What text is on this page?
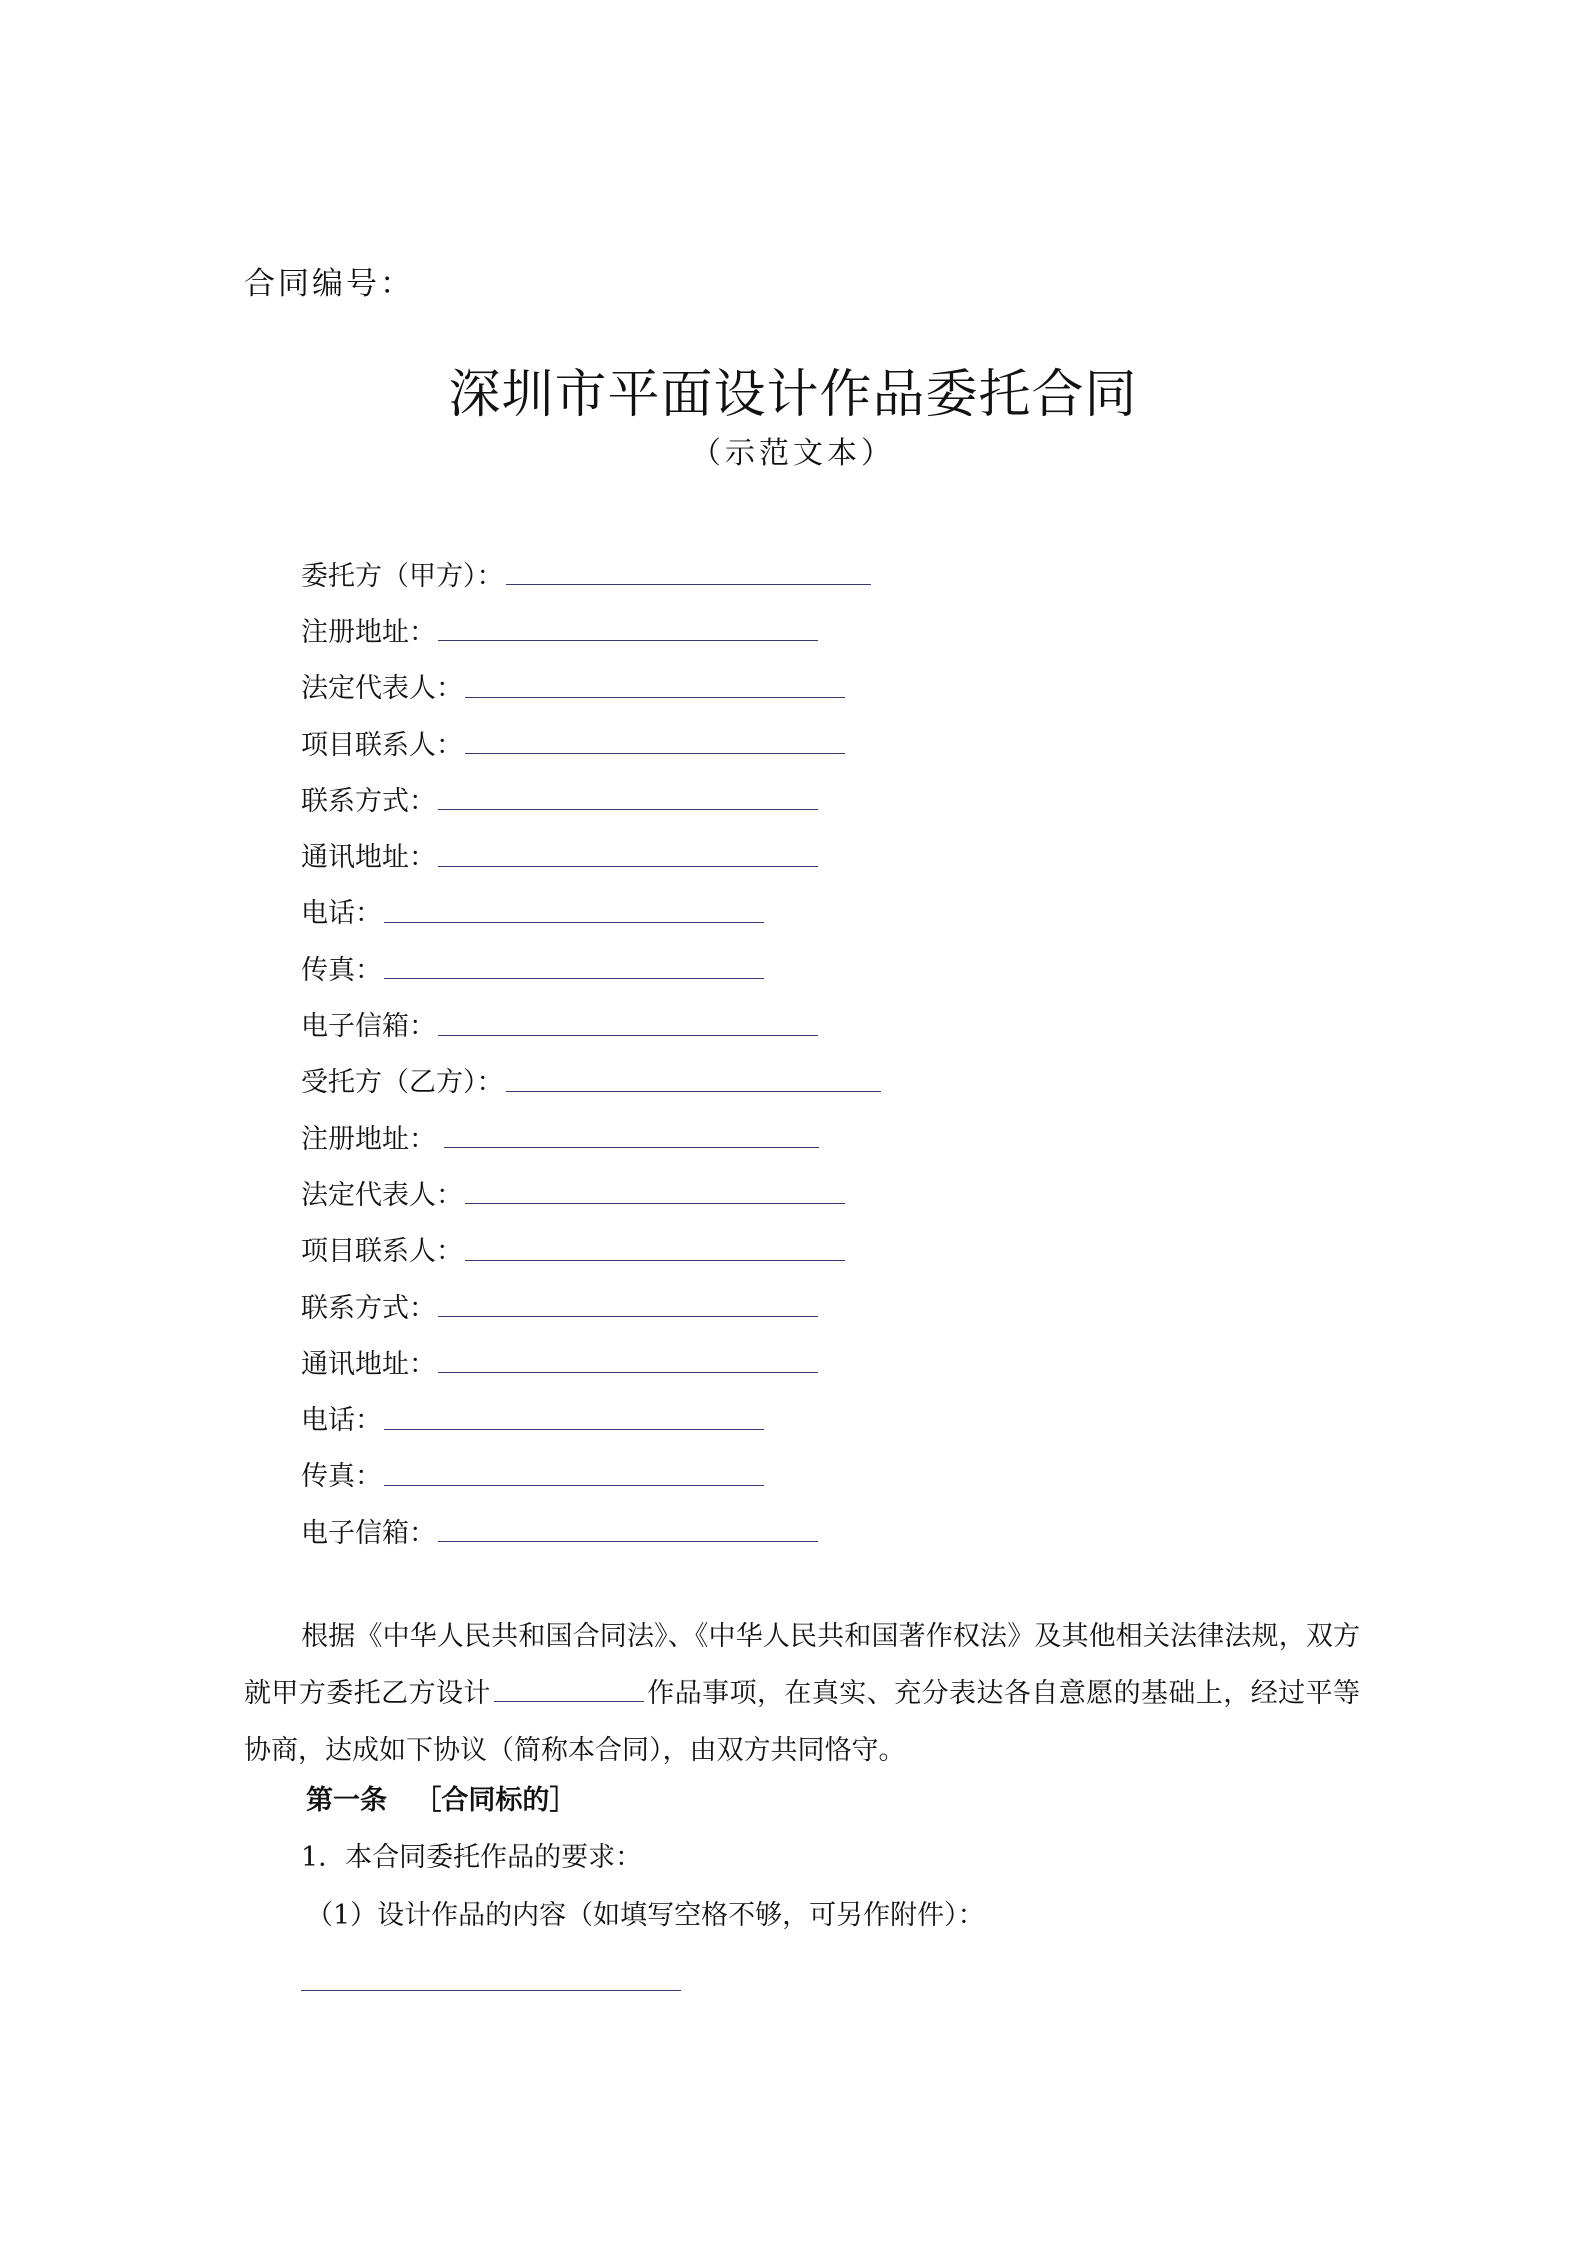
合同编号：
深圳市平面设计作品委托合同
（示范文本）
委托方（甲方）：
注册地址：
法定代表人：
项目联系人：
联系方式：
通讯地址：
电话：
传真：
电子信箱：
受托方（乙方）：
注册地址：
法定代表人：
项目联系人：
联系方式：
通讯地址：
电话：
传真：
电子信箱：
根据《中华人民共和国合同法》、《中华人民共和国著作权法》及其他相关法律法规，双方就甲方委托乙方设计	作品事项，在真实、充分表达各自意愿的基础上，经过平等协商，达成如下协议（简称本合同），由双方共同恪守。
第一条 ［合同标的］
1．本合同委托作品的要求：
（1）设计作品的内容（如填写空格不够，可另作附件）：
